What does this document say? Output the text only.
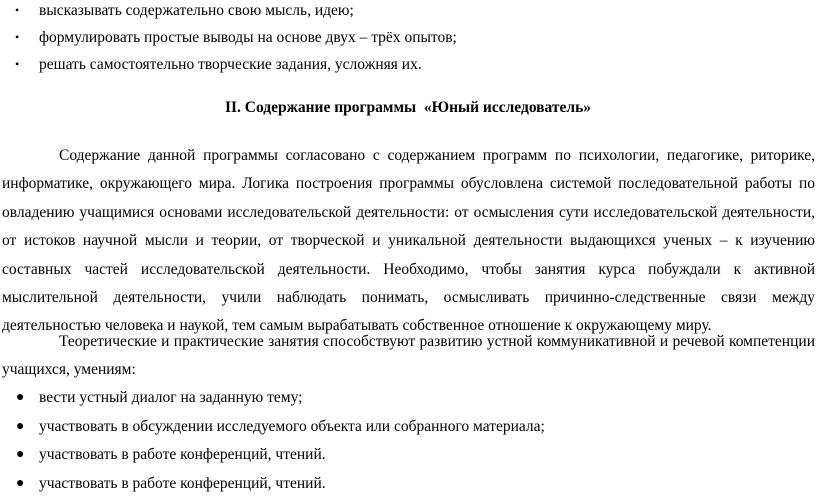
• высказывать содержательно свою мысль, идею;
• формулировать простые выводы на основе двух – трёх опытов;
• решать самостоятельно творческие задания, усложняя их.
II. Содержание программы  «Юный исследователь»

Содержание данной программы согласовано с содержанием программ по психологии, педагогике, риторике, информатике, окружающего мира. Логика построения программы обусловлена системой последовательной работы по овладению учащимися основами исследовательской деятельности: от осмысления сути исследовательской деятельности, от истоков научной мысли и теории, от творческой и уникальной деятельности выдающихся ученых – к изучению составных частей исследовательской деятельности. Необходимо, чтобы занятия курса побуждали к активной мыслительной деятельности, учили наблюдать понимать, осмысливать причинно-следственные связи между деятельностью человека и наукой, тем самым вырабатывать собственное отношение к окружающему миру.

Теоретические и практические занятия способствуют развитию устной коммуникативной и речевой компетенции учащихся, умениям:

● вести устный диалог на заданную тему;
● участвовать в обсуждении исследуемого объекта или собранного материала;
● участвовать в работе конференций, чтений.
● участвовать в работе конференций, чтений.
